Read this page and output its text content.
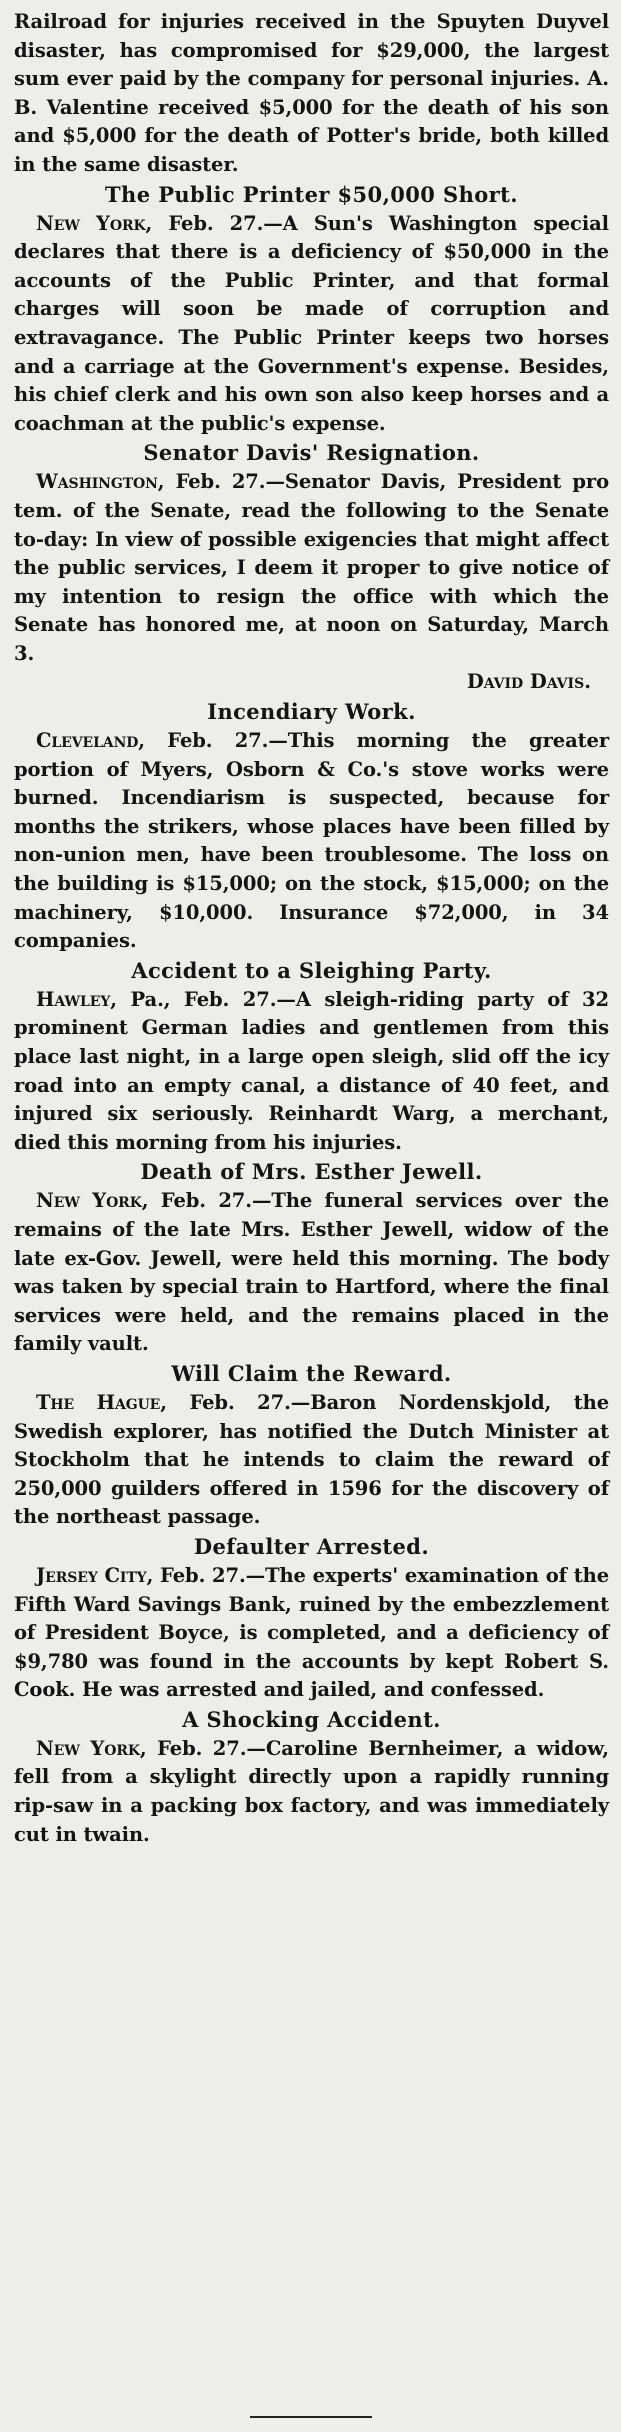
Railroad for injuries received in the Spuyten Duyvel disaster, has compromised for $29,000, the largest sum ever paid by the company for personal injuries. A. B. Valentine received $5,000 for the death of his son and $5,000 for the death of Potter's bride, both killed in the same disaster.

The Public Printer $50,000 Short.

New York, Feb. 27.—A Sun's Washington special declares that there is a deficiency of $50,000 in the accounts of the Public Printer, and that formal charges will soon be made of corruption and extravagance. The Public Printer keeps two horses and a carriage at the Government's expense. Besides, his chief clerk and his own son also keep horses and a coachman at the public's expense.

Senator Davis' Resignation.

Washington, Feb. 27.—Senator Davis, President pro tem. of the Senate, read the following to the Senate to-day: In view of possible exigencies that might affect the public services, I deem it proper to give notice of my intention to resign the office with which the Senate has honored me, at noon on Saturday, March 3.

David Davis.

Incendiary Work.

Cleveland, Feb. 27.—This morning the greater portion of Myers, Osborn & Co.'s stove works were burned. Incendiarism is suspected, because for months the strikers, whose places have been filled by non-union men, have been troublesome. The loss on the building is $15,000; on the stock, $15,000; on the machinery, $10,000. Insurance $72,000, in 34 companies.

Accident to a Sleighing Party.

Hawley, Pa., Feb. 27.—A sleigh-riding party of 32 prominent German ladies and gentlemen from this place last night, in a large open sleigh, slid off the icy road into an empty canal, a distance of 40 feet, and injured six seriously. Reinhardt Warg, a merchant, died this morning from his injuries.

Death of Mrs. Esther Jewell.

New York, Feb. 27.—The funeral services over the remains of the late Mrs. Esther Jewell, widow of the late ex-Gov. Jewell, were held this morning. The body was taken by special train to Hartford, where the final services were held, and the remains placed in the family vault.

Will Claim the Reward.

The Hague, Feb. 27.—Baron Nordenskjold, the Swedish explorer, has notified the Dutch Minister at Stockholm that he intends to claim the reward of 250,000 guilders offered in 1596 for the discovery of the northeast passage.

Defaulter Arrested.

Jersey City, Feb. 27.—The experts' examination of the Fifth Ward Savings Bank, ruined by the embezzlement of President Boyce, is completed, and a deficiency of $9,780 was found in the accounts by kept Robert S. Cook. He was arrested and jailed, and confessed.

A Shocking Accident.

New York, Feb. 27.—Caroline Bernheimer, a widow, fell from a skylight directly upon a rapidly running rip-saw in a packing box factory, and was immediately cut in twain.
